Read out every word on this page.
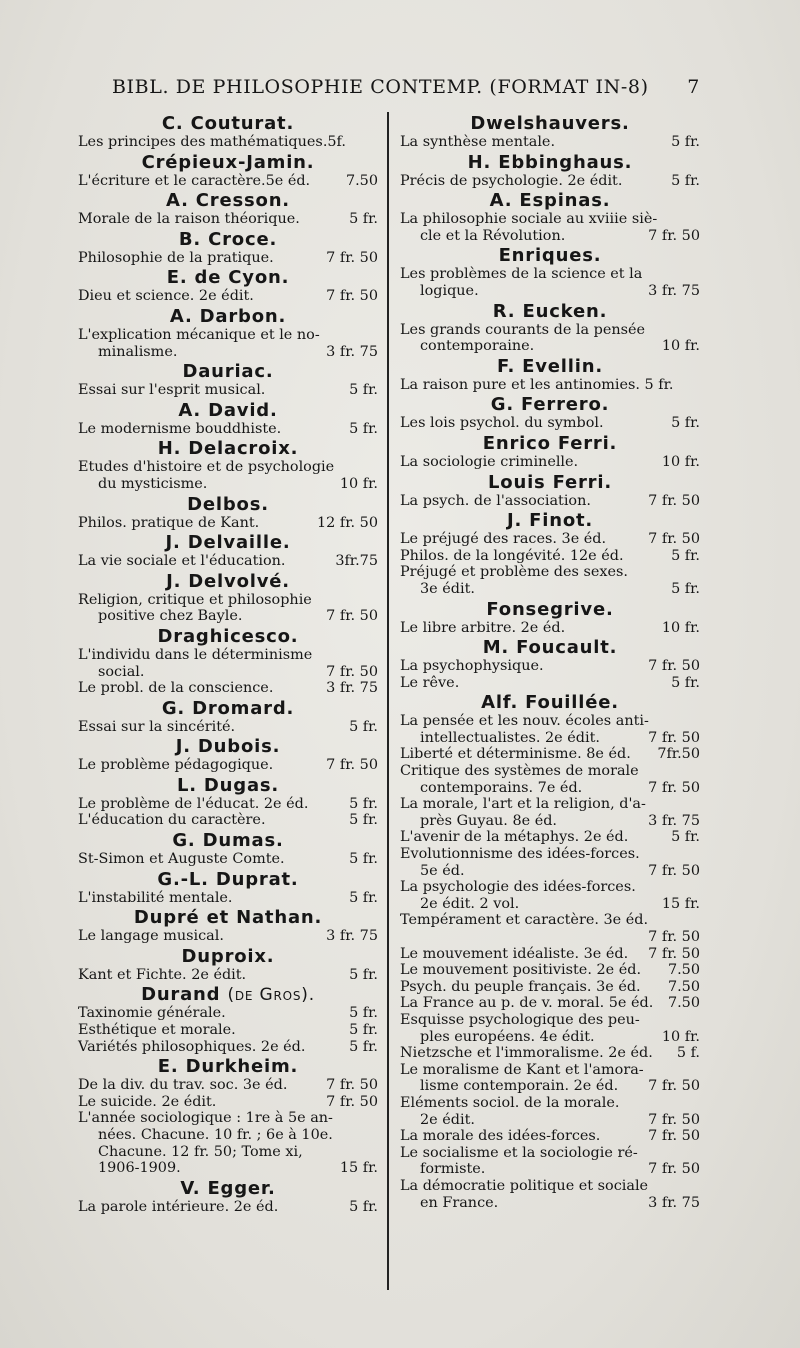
BIBL. DE PHILOSOPHIE CONTEMP. (FORMAT IN-8) 7
C. Couturat.
Les principes des mathématiques.5f.
Crépieux-Jamin.
L'écriture et le caractère.5e éd.	7.50
A. Cresson.
Morale de la raison théorique.	5 fr.
B. Croce.
Philosophie de la pratique.	7 fr. 50
E. de Cyon.
Dieu et science. 2e édit.	7 fr. 50
A. Darbon.
L'explication mécanique et le no-
minalisme.	3 fr. 75
Dauriac.
Essai sur l'esprit musical.	5 fr.
A. David.
Le modernisme bouddhiste.	5 fr.
H. Delacroix.
Etudes d'histoire et de psychologie
du mysticisme.	10 fr.
Delbos.
Philos. pratique de Kant.	12 fr. 50
J. Delvaille.
La vie sociale et l'éducation.	3fr.75
J. Delvolvé.
Religion, critique et philosophie
positive chez Bayle.	7 fr. 50
Draghicesco.
L'individu dans le déterminisme
social.	7 fr. 50
Le probl. de la conscience.	3 fr. 75
G. Dromard.
Essai sur la sincérité.	5 fr.
J. Dubois.
Le problème pédagogique.	7 fr. 50
L. Dugas.
Le problème de l'éducat. 2e éd.	5 fr.
L'éducation du caractère.	5 fr.
G. Dumas.
St-Simon et Auguste Comte.	5 fr.
G.-L. Duprat.
L'instabilité mentale.	5 fr.
Dupré et Nathan.
Le langage musical.	3 fr. 75
Duproix.
Kant et Fichte. 2e édit.	5 fr.
Durand (de Gros).
Taxinomie générale.	5 fr.
Esthétique et morale.	5 fr.
Variétés philosophiques. 2e éd.	5 fr.
E. Durkheim.
De la div. du trav. soc. 3e éd.	7 fr. 50
Le suicide. 2e édit.	7 fr. 50
L'année sociologique : 1re à 5e an-
nées. Chacune. 10 fr. ; 6e à 10e.
Chacune. 12 fr. 50; Tome xi,
1906-1909.	15 fr.
V. Egger.
La parole intérieure. 2e éd.	5 fr.
Dwelshauvers.
La synthèse mentale.	5 fr.
H. Ebbinghaus.
Précis de psychologie. 2e édit.	5 fr.
A. Espinas.
La philosophie sociale au xviiie siè-
cle et la Révolution.	7 fr. 50
Enriques.
Les problèmes de la science et la
logique.	3 fr. 75
R. Eucken.
Les grands courants de la pensée
contemporaine.	10 fr.
F. Evellin.
La raison pure et les antinomies. 5 fr.
G. Ferrero.
Les lois psychol. du symbol.	5 fr.
Enrico Ferri.
La sociologie criminelle.	10 fr.
Louis Ferri.
La psych. de l'association.	7 fr. 50
J. Finot.
Le préjugé des races. 3e éd.	7 fr. 50
Philos. de la longévité. 12e éd.	5 fr.
Préjugé et problème des sexes.
3e édit.	5 fr.
Fonsegrive.
Le libre arbitre. 2e éd.	10 fr.
M. Foucault.
La psychophysique.	7 fr. 50
Le rêve.	5 fr.
Alf. Fouillée.
La pensée et les nouv. écoles anti-
intellectualistes. 2e édit.	7 fr. 50
Liberté et déterminisme. 8e éd.	7fr.50
Critique des systèmes de morale
contemporains. 7e éd.	7 fr. 50
La morale, l'art et la religion, d'a-
près Guyau. 8e éd.	3 fr. 75
L'avenir de la métaphys. 2e éd.	5 fr.
Evolutionnisme des idées-forces.
5e éd.	7 fr. 50
La psychologie des idées-forces.
2e édit. 2 vol.	15 fr.
Tempérament et caractère. 3e éd.
7 fr. 50
Le mouvement idéaliste. 3e éd.	7 fr. 50
Le mouvement positiviste. 2e éd.	7.50
Psych. du peuple français. 3e éd.	7.50
La France au p. de v. moral. 5e éd.	7.50
Esquisse psychologique des peu-
ples européens. 4e édit.	10 fr.
Nietzsche et l'immoralisme. 2e éd.	5 f.
Le moralisme de Kant et l'amora-
lisme contemporain. 2e éd.	7 fr. 50
Eléments sociol. de la morale.
2e édit.	7 fr. 50
La morale des idées-forces.	7 fr. 50
Le socialisme et la sociologie ré-
formiste.	7 fr. 50
La démocratie politique et sociale
en France.	3 fr. 75
